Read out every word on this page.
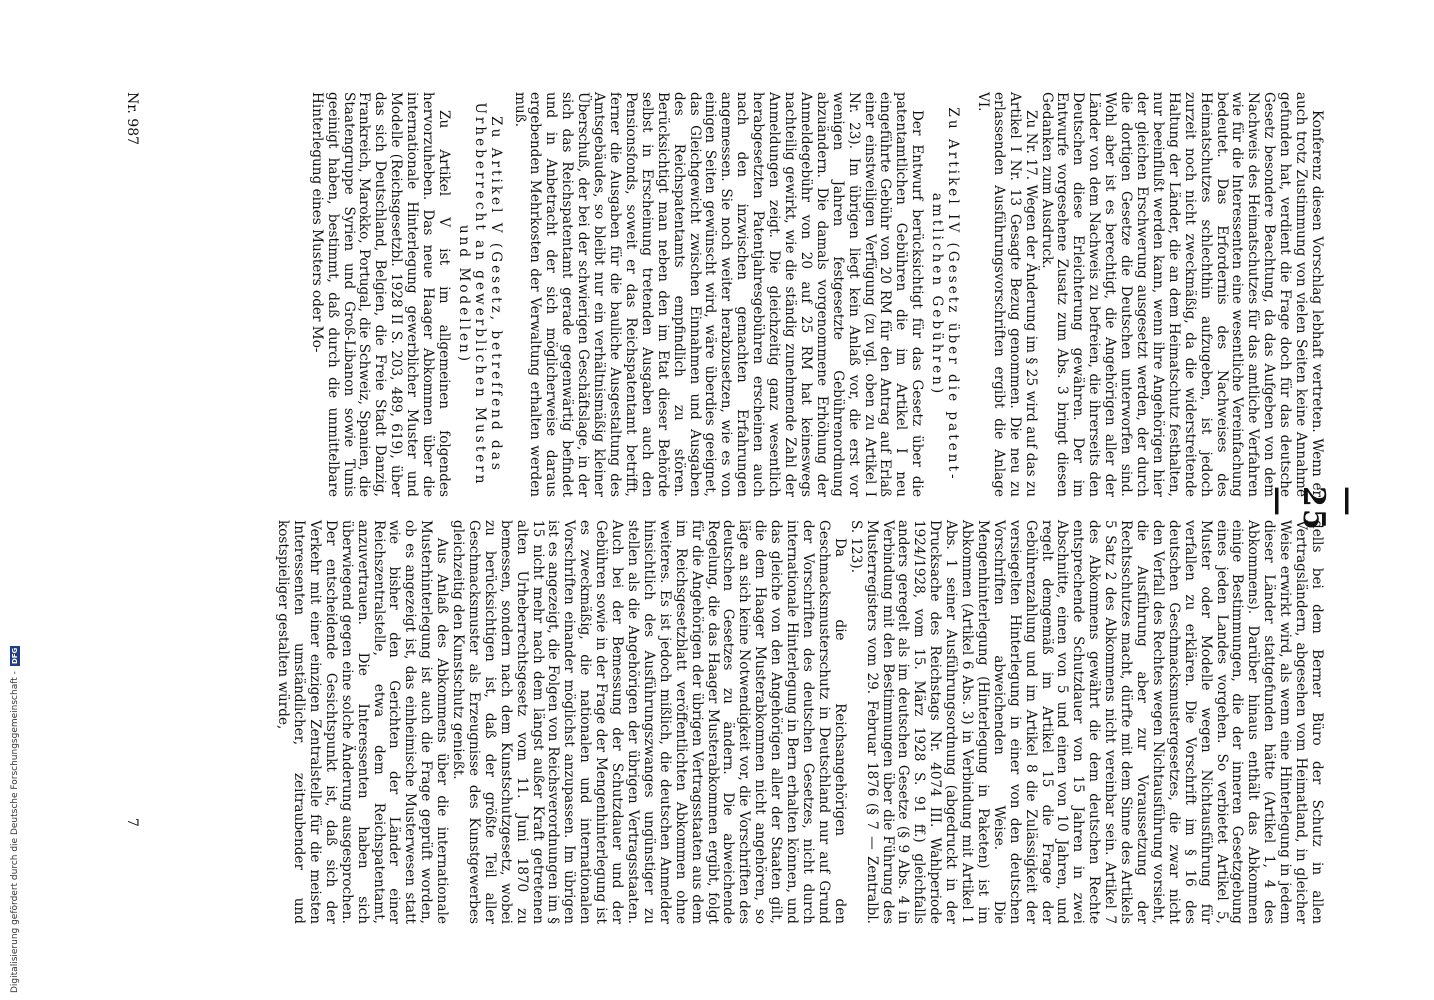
— 25 —

Konferenz diesen Vorschlag lebhaft vertreten. Wenn er auch trotz Zustimmung von vielen Seiten keine Annahme gefunden hat, verdient die Frage doch für das deutsche Gesetz besondere Beachtung, da das Aufgeben von dem Nachweis des Heimatschutzes für das amtliche Verfahren wie für die Interessenten eine wesentliche Vereinfachung bedeutet. Das Erfordernis des Nachweises des Heimatschutzes schlechthin aufzugeben, ist jedoch zurzeit noch nicht zweckmäßig, da die widerstreitende Haltung der Länder, die an dem Heimatschutz festhalten, nur beeinflußt werden kann, wenn ihre Angehörigen hier der gleichen Erschwerung ausgesetzt werden, der durch die dortigen Gesetze die Deutschen unterworfen sind. Wohl aber ist es berechtigt, die Angehörigen aller der Länder von dem Nachweis zu befreien, die ihrerseits den Deutschen diese Erleichterung gewähren. Der im Entwurfe vorgesehene Zusatz zum Abs. 3 bringt diesen Gedanken zum Ausdruck.

Zu Nr. 17. Wegen der Änderung im § 25 wird auf das zu Artikel I Nr. 13 Gesagte Bezug genommen. Die neu zu erlassenden Ausführungsvorschriften ergibt die Anlage VI.

Zu Artikel IV (Gesetz über die patent-

amtlichen Gebühren)

Der Entwurf berücksichtigt für das Gesetz über die patentamtlichen Gebühren die im Artikel I neu eingeführte Gebühr von 20 RM für den Antrag auf Erlaß einer einstweiligen Verfügung (zu vgl. oben zu Artikel I Nr. 23). Im übrigen liegt kein Anlaß vor, die erst vor wenigen Jahren festgesetzte Gebührenordnung abzuändern. Die damals vorgenommene Erhöhung der Anmeldegebühr von 20 auf 25 RM hat keineswegs nachteilig gewirkt, wie die ständig zunehmende Zahl der Anmeldungen zeigt. Die gleichzeitig ganz wesentlich herabgesetzten Patentjahresgebühren erscheinen auch nach den inzwischen gemachten Erfahrungen angemessen. Sie noch weiter herabzusetzen, wie es von einigen Seiten gewünscht wird, wäre überdies geeignet, das Gleichgewicht zwischen Einnahmen und Ausgaben des Reichspatentamts empfindlich zu stören. Berücksichtigt man neben den im Etat dieser Behörde selbst in Erscheinung tretenden Ausgaben auch den Pensionsfonds, soweit er das Reichspatentamt betrifft, ferner die Ausgaben für die bauliche Ausgestaltung des Amtsgebäudes, so bleibt nur ein verhältnismäßig kleiner Überschuß, der bei der schwierigen Geschäftslage, in der sich das Reichspatentamt gerade gegenwärtig befindet und in Anbetracht der sich möglicherweise daraus ergebenden Mehrkosten der Verwaltung erhalten werden muß.

Zu Artikel V (Gesetz, betreffend das

Urheberrecht an gewerblichen Mustern

und Modellen)

Zu Artikel V ist im allgemeinen folgendes hervorzuheben. Das neue Haager Abkommen über die internationale Hinterlegung gewerblicher Muster und Modelle (Reichsgesetzbl. 1928 II S. 203, 489, 619), über das sich Deutschland, Belgien, die Freie Stadt Danzig, Frankreich, Marokko, Portugal, die Schweiz, Spanien, die Staatengruppe Syrien und Groß-Libanon sowie Tunis geeinigt haben, bestimmt, daß durch die unmittelbare Hinterlegung eines Musters oder Mo-

Nr. 987

dells bei dem Berner Büro der Schutz in allen Vertragsländern, abgesehen vom Heimatland, in gleicher Weise erwirkt wird, als wenn eine Hinterlegung in jedem dieser Länder stattgefunden hätte (Artikel 1, 4 des Abkommens). Darüber hinaus enthält das Abkommen einige Bestimmungen, die der inneren Gesetzgebung eines jeden Landes vorgehen. So verbietet Artikel 5, Muster oder Modelle wegen Nichtausführung für verfallen zu erklären. Die Vorschrift im § 16 des deutschen Geschmacksmustergesetzes, die zwar nicht den Verfall des Rechtes wegen Nichtausführung vorsieht, die Ausführung aber zur Voraussetzung der Rechtsschutzes macht, dürfte mit dem Sinne des Artikels 5 Satz 2 des Abkommens nicht vereinbar sein. Artikel 7 des Abkommens gewährt die dem deutschen Rechte entsprechende Schutzdauer von 15 Jahren in zwei Abschnitte, einen von 5 und einen von 10 Jahren, und regelt demgemäß im Artikel 15 die Frage der Gebührenzahlung und im Artikel 8 die Zulässigkeit der versiegelten Hinterlegung in einer von den deutschen Vorschriften abweichenden Weise. Die Mengenhinterlegung (Hinterlegung in Paketen) ist im Abkommen (Artikel 6 Abs. 3) in Verbindung mit Artikel 1 Abs. 1 seiner Ausführungsordnung (abgedruckt in der Drucksache des Reichstags Nr. 4074 III. Wahlperiode 1924/1928, vom 15. März 1928 S. 91 ff.) gleichfalls anders geregelt als im deutschen Gesetze (§ 9 Abs. 4 in Verbindung mit den Bestimmungen über die Führung des Musterregisters vom 29. Februar 1876 (§ 7 — Zentralbl. S. 123).

Da die Reichsangehörigen den Geschmacksmusterschutz in Deutschland nur auf Grund der Vorschriften des deutschen Gesetzes, nicht durch internationale Hinterlegung in Bern erhalten können, und das gleiche von den Angehörigen aller der Staaten gilt, die dem Haager Musterabkommen nicht angehören, so läge an sich keine Notwendigkeit vor, die Vorschriften des deutschen Gesetzes zu ändern. Die abweichende Regelung, die das Haager Musterabkommen ergibt, folgt für die Angehörigen der übrigen Vertragsstaaten aus dem im Reichsgesetzblatt veröffentlichten Abkommen ohne weiteres. Es ist jedoch mißlich, die deutschen Anmelder hinsichtlich des Ausführungszwanges ungünstiger zu stellen als die Angehörigen der übrigen Vertragsstaaten. Auch bei der Bemessung der Schutzdauer und der Gebühren sowie in der Frage der Mengenhinterlegung ist es zweckmäßig, die nationalen und internationalen Vorschriften einander möglichst anzupassen. Im übrigen ist es angezeigt, die Folgen von Reichsverordnungen im § 15 nicht mehr nach dem längst außer Kraft getretenen alten Urheberrechtsgesetz vom 11. Juni 1870 zu bemessen, sondern nach dem Kunstschutzgesetz, wobei zu berücksichtigen ist, daß der größte Teil aller Geschmacksmuster als Erzeugnisse des Kunstgewerbes gleichzeitig den Kunstschutz genießt.

Aus Anlaß des Abkommens über die internationale Musterhinterlegung ist auch die Frage geprüft worden, ob es angezeigt ist, das einheimische Musterwesen statt wie bisher den Gerichten der Länder einer Reichszentralstelle, etwa dem Reichspatentamt, anzuvertrauen. Die Interessenten haben sich überwiegend gegen eine solche Änderung ausgesprochen. Der entscheidende Gesichtspunkt ist, daß sich der Verkehr mit einer einzigen Zentralstelle für die meisten Interessenten umständlicher, zeitraubender und kostspieliger gestalten würde,

7
Digitalisierung gefördert durch die Deutsche Forschungsgemeinschaft - DFG
